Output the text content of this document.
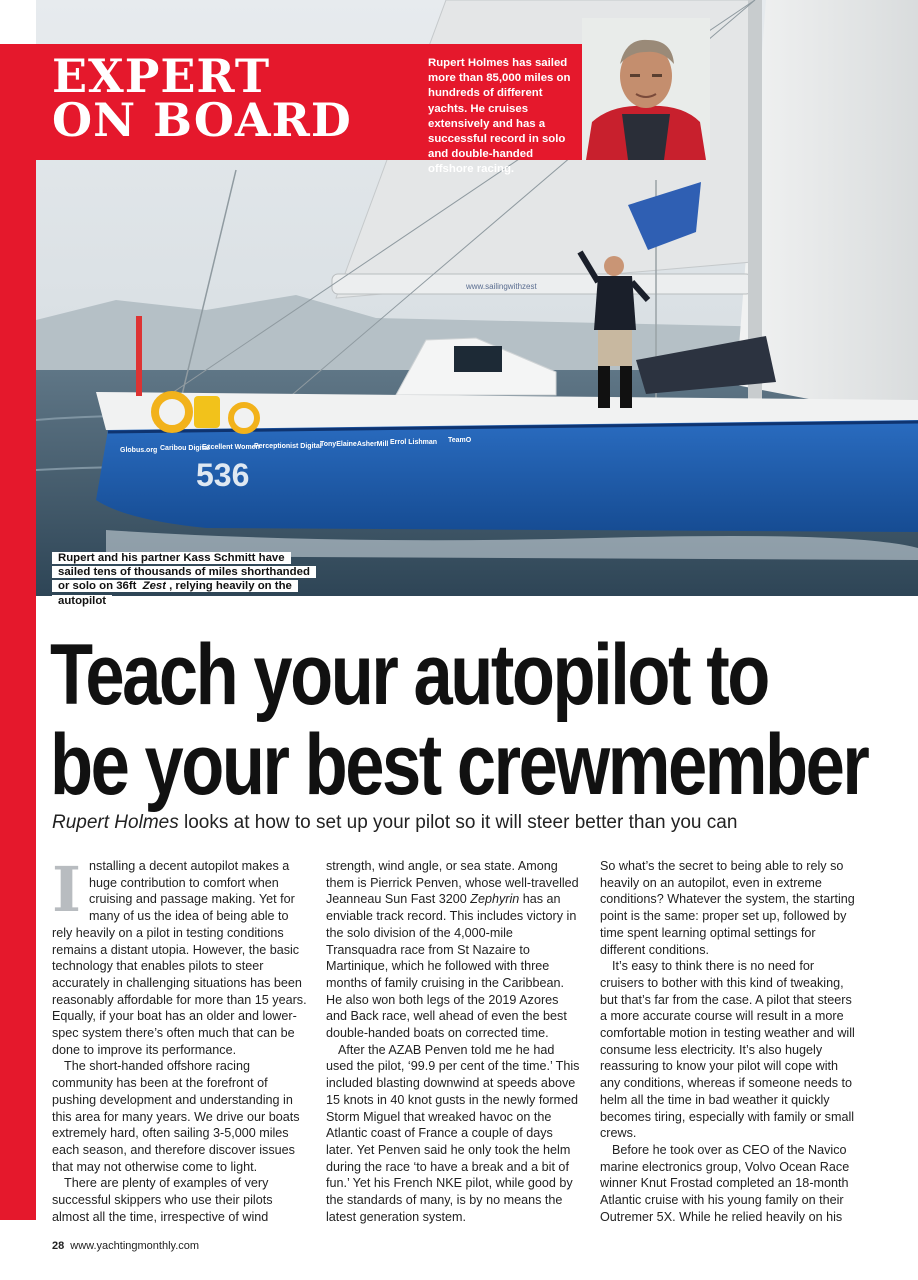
www.sailingwithzest
Globus.org Caribou Digital
Excellent Women
Perceptionist Digital
TonyElaineAsherMill Errol Lishman TeamO
536
EXPERT
ON BOARD
Rupert Holmes has sailed more than 85,000 miles on hundreds of different yachts. He cruises extensively and has a successful record in solo and double-handed offshore racing.
Rupert and his partner Kass Schmitt have sailed tens of thousands of miles shorthanded or solo on 36ft Zest , relying heavily on the autopilot
Teach your autopilot to
be your best crewmember

Rupert Holmes looks at how to set up your pilot so it will steer better than you can

Installing a decent autopilot makes a huge contribution to comfort when cruising and passage making. Yet for many of us the idea of being able to rely heavily on a pilot in testing conditions remains a distant utopia. However, the basic technology that enables pilots to steer accurately in challenging situations has been reasonably affordable for more than 15 years. Equally, if your boat has an older and lower-spec system there’s often much that can be done to improve its performance.

The short-handed offshore racing community has been at the forefront of pushing development and understanding in this area for many years. We drive our boats extremely hard, often sailing 3-5,000 miles each season, and therefore discover issues that may not otherwise come to light.

There are plenty of examples of very successful skippers who use their pilots almost all the time, irrespective of wind

strength, wind angle, or sea state. Among them is Pierrick Penven, whose well-travelled Jeanneau Sun Fast 3200 Zephyrin has an enviable track record. This includes victory in the solo division of the 4,000-mile Transquadra race from St Nazaire to Martinique, which he followed with three months of family cruising in the Caribbean. He also won both legs of the 2019 Azores and Back race, well ahead of even the best double-handed boats on corrected time.

After the AZAB Penven told me he had used the pilot, ‘99.9 per cent of the time.’ This included blasting downwind at speeds above 15 knots in 40 knot gusts in the newly formed Storm Miguel that wreaked havoc on the Atlantic coast of France a couple of days later. Yet Penven said he only took the helm during the race ‘to have a break and a bit of fun.’ Yet his French NKE pilot, while good by the standards of many, is by no means the latest generation system.

So what’s the secret to being able to rely so heavily on an autopilot, even in extreme conditions? Whatever the system, the starting point is the same: proper set up, followed by time spent learning optimal settings for different conditions.

It’s easy to think there is no need for cruisers to bother with this kind of tweaking, but that’s far from the case. A pilot that steers a more accurate course will result in a more comfortable motion in testing weather and will consume less electricity. It’s also hugely reassuring to know your pilot will cope with any conditions, whereas if someone needs to helm all the time in bad weather it quickly becomes tiring, especially with family or small crews.

Before he took over as CEO of the Navico marine electronics group, Volvo Ocean Race winner Knut Frostad completed an 18-month Atlantic cruise with his young family on their Outremer 5X. While he relied heavily on his

28 www.yachtingmonthly.com
